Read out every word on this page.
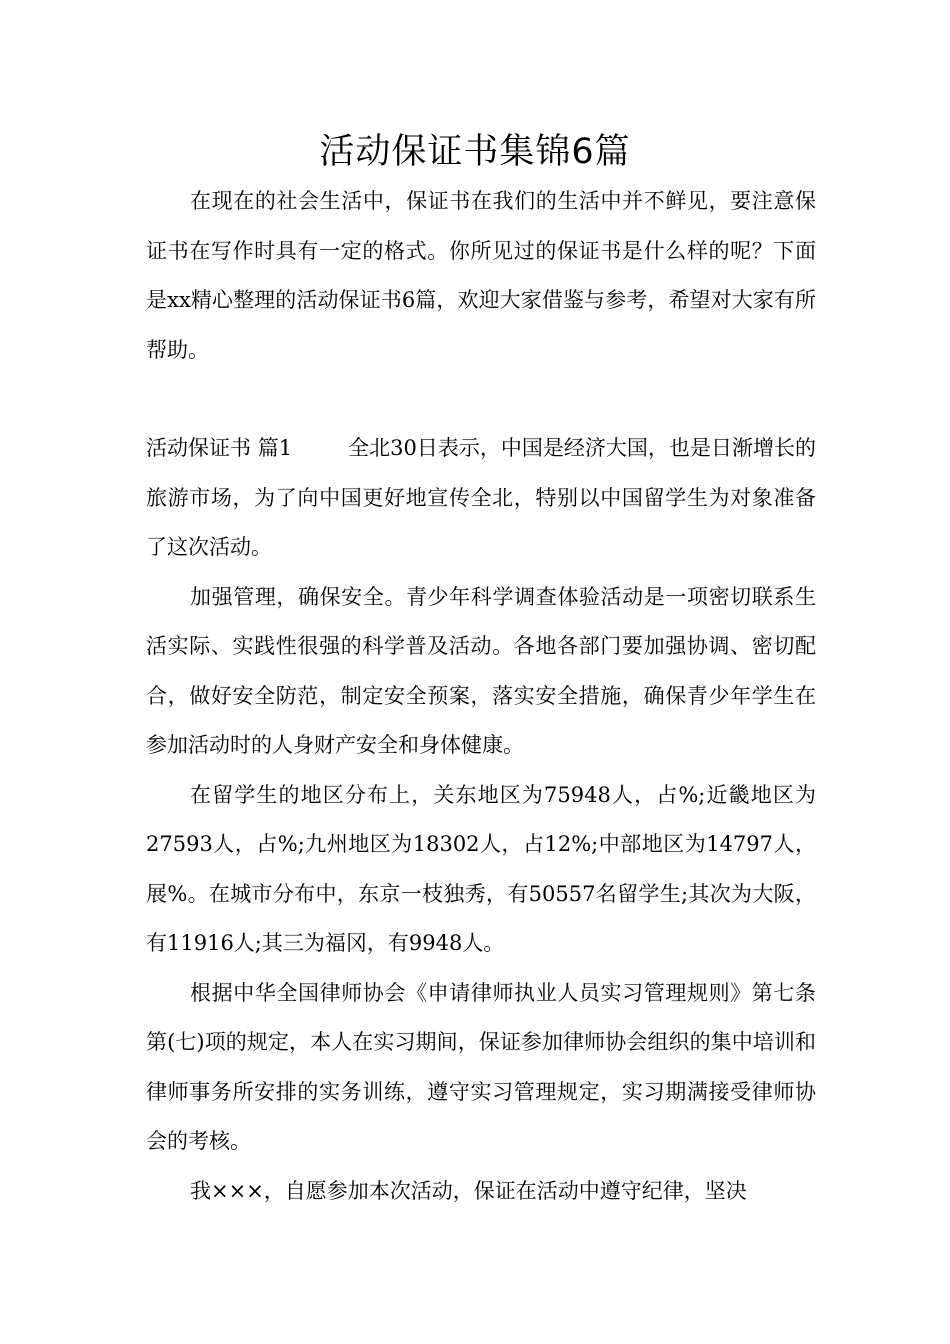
活动保证书集锦6篇

在现在的社会生活中，保证书在我们的生活中并不鲜见，要注意保证书在写作时具有一定的格式。你所见过的保证书是什么样的呢？下面是xx精心整理的活动保证书6篇，欢迎大家借鉴与参考，希望对大家有所帮助。

活动保证书 篇1	全北30日表示，中国是经济大国，也是日渐增长的旅游市场，为了向中国更好地宣传全北，特别以中国留学生为对象准备了这次活动。

加强管理，确保安全。青少年科学调查体验活动是一项密切联系生活实际、实践性很强的科学普及活动。各地各部门要加强协调、密切配合，做好安全防范，制定安全预案，落实安全措施，确保青少年学生在参加活动时的人身财产安全和身体健康。

在留学生的地区分布上，关东地区为75948人，占%;近畿地区为27593人，占%;九州地区为18302人，占12%;中部地区为14797人，展%。在城市分布中，东京一枝独秀，有50557名留学生;其次为大阪，有11916人;其三为福冈，有9948人。

根据中华全国律师协会《申请律师执业人员实习管理规则》第七条第(七)项的规定，本人在实习期间，保证参加律师协会组织的集中培训和律师事务所安排的实务训练，遵守实习管理规定，实习期满接受律师协会的考核。

我×××，自愿参加本次活动，保证在活动中遵守纪律，坚决
